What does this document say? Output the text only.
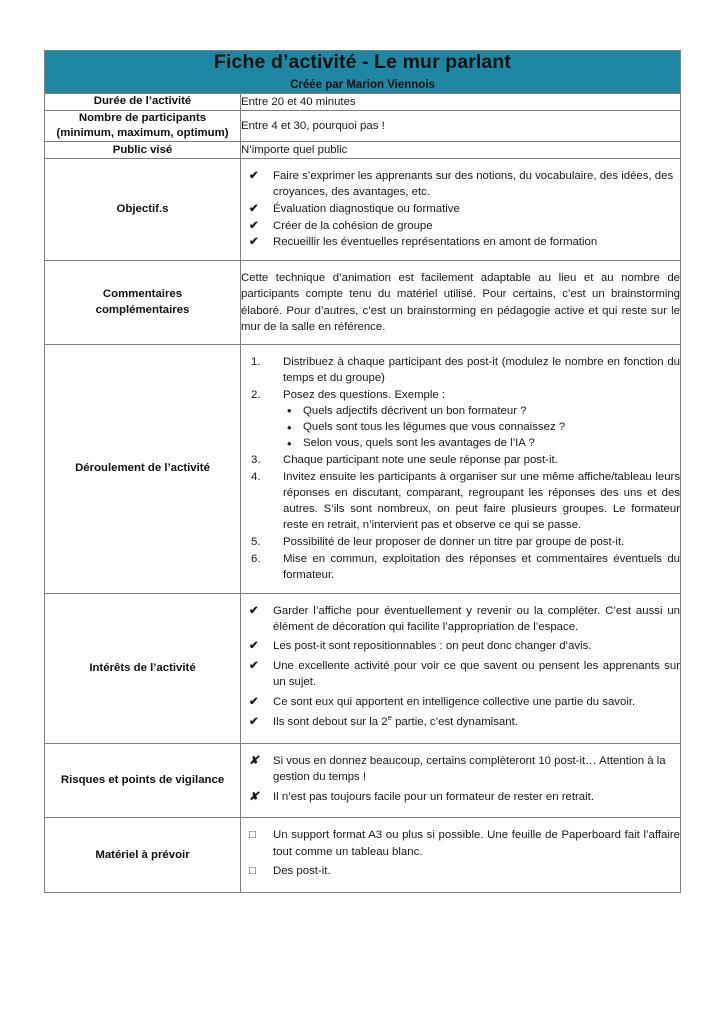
Fiche d’activité - Le mur parlant
Créée par Marion Viennois	

Durée de l’activité	Entre 20 et 40 minutes

Nombre de participants
(minimum, maximum, optimum)	Entre 4 et 30, pourquoi pas !

Public visé	N’importe quel public

Objectif.s	
✔	Faire s’exprimer les apprenants sur des notions, du vocabulaire, des idées, des croyances, des avantages, etc.
✔	Évaluation diagnostique ou formative
✔	Créer de la cohésion de groupe
✔	Recueillir les éventuelles représentations en amont de formation

Commentaires
complémentaires	Cette technique d’animation est facilement adaptable au lieu et au nombre de participants compte tenu du matériel utilisé. Pour certains, c’est un brainstorming élaboré. Pour d’autres, c’est un brainstorming en pédagogie active et qui reste sur le mur de la salle en référence.

Déroulement de l’activité	
1.	Distribuez à chaque participant des post-it (modulez le nombre en fonction du temps et du groupe)
2.	Posez des questions. Exemple :
• Quels adjectifs décrivent un bon formateur ?
• Quels sont tous les légumes que vous connaissez ?
• Selon vous, quels sont les avantages de l’IA ?
3.	Chaque participant note une seule réponse par post-it.
4.	Invitez ensuite les participants à organiser sur une même affiche/tableau leurs réponses en discutant, comparant, regroupant les réponses des uns et des autres. S’ils sont nombreux, on peut faire plusieurs groupes. Le formateur reste en retrait, n’intervient pas et observe ce qui se passe.
5.	Possibilité de leur proposer de donner un titre par groupe de post-it.
6.	Mise en commun, exploitation des réponses et commentaires éventuels du formateur.

Intérêts de l’activité	
✔	Garder l’affiche pour éventuellement y revenir ou la compléter. C’est aussi un élément de décoration qui facilite l’appropriation de l’espace.
✔	Les post-it sont repositionnables : on peut donc changer d’avis.
✔	Une excellente activité pour voir ce que savent ou pensent les apprenants sur un sujet.
✔	Ce sont eux qui apportent en intelligence collective une partie du savoir.
✔	Ils sont debout sur la 2e partie, c’est dynamisant.

Risques et points de vigilance	
✘	Si vous en donnez beaucoup, certains complèteront 10 post-it… Attention à la gestion du temps !
✘	Il n’est pas toujours facile pour un formateur de rester en retrait.

Matériel à prévoir	
□	Un support format A3 ou plus si possible. Une feuille de Paperboard fait l’affaire tout comme un tableau blanc.
□	Des post-it.
